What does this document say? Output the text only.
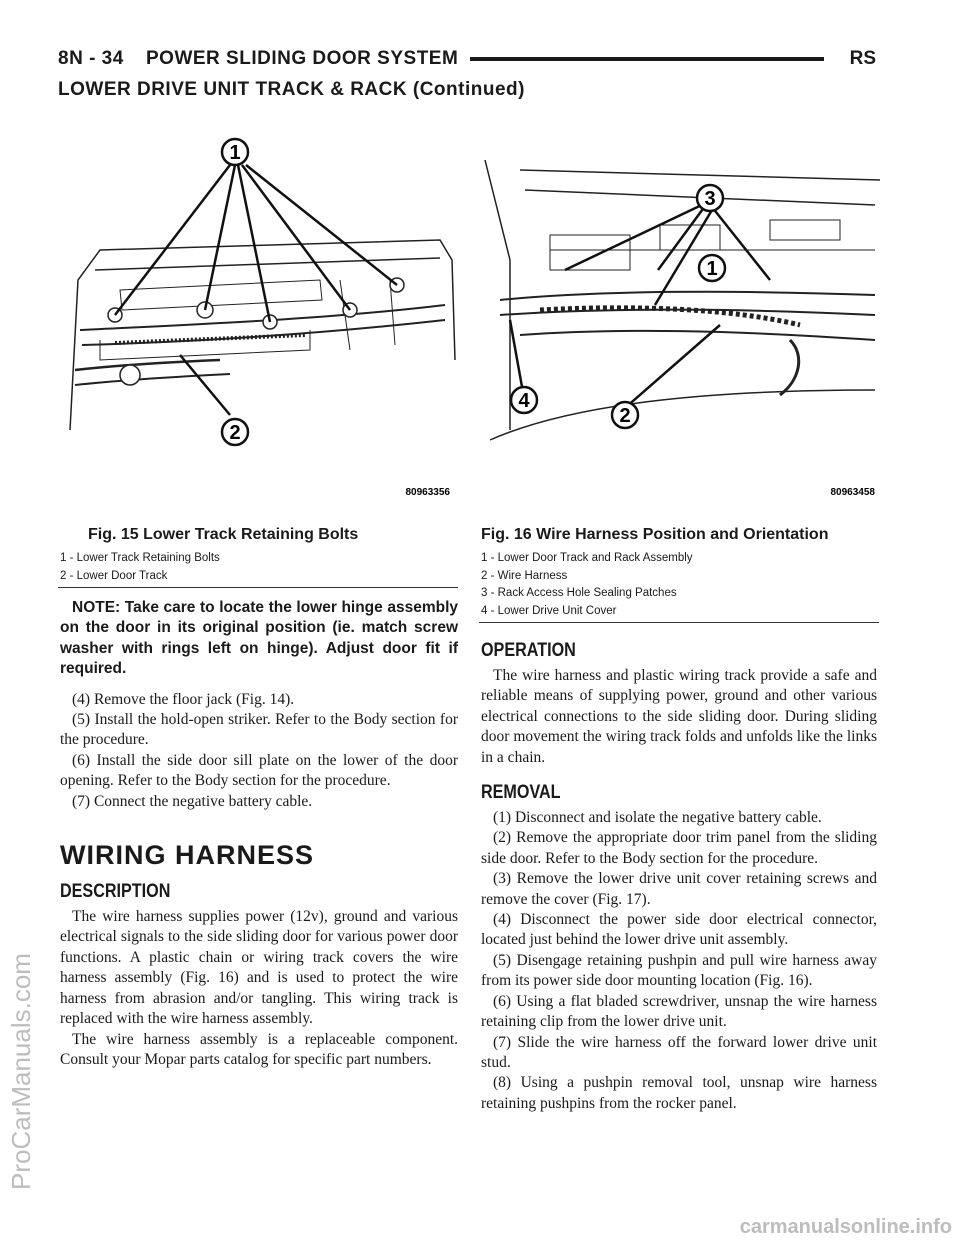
8N - 34 POWER SLIDING DOOR SYSTEM	RS
LOWER DRIVE UNIT TRACK & RACK (Continued)
1
2
80963356
3
1
4
2
80963458
Fig. 15 Lower Track Retaining Bolts
1 - Lower Track Retaining Bolts
2 - Lower Door Track
Fig. 16 Wire Harness Position and Orientation
1 - Lower Door Track and Rack Assembly
2 - Wire Harness
3 - Rack Access Hole Sealing Patches
4 - Lower Drive Unit Cover

NOTE: Take care to locate the lower hinge assembly on the door in its original position (ie. match screw washer with rings left on hinge). Adjust door fit if required.

(4) Remove the floor jack (Fig. 14).

(5) Install the hold-open striker. Refer to the Body section for the procedure.

(6) Install the side door sill plate on the lower of the door opening. Refer to the Body section for the procedure.

(7) Connect the negative battery cable.

WIRING HARNESS
DESCRIPTION

The wire harness supplies power (12v), ground and various electrical signals to the side sliding door for various power door functions. A plastic chain or wiring track covers the wire harness assembly (Fig. 16) and is used to protect the wire harness from abrasion and/or tangling. This wiring track is replaced with the wire harness assembly.

The wire harness assembly is a replaceable component. Consult your Mopar parts catalog for specific part numbers.

OPERATION

The wire harness and plastic wiring track provide a safe and reliable means of supplying power, ground and other various electrical connections to the side sliding door. During sliding door movement the wiring track folds and unfolds like the links in a chain.

REMOVAL

(1) Disconnect and isolate the negative battery cable.

(2) Remove the appropriate door trim panel from the sliding side door. Refer to the Body section for the procedure.

(3) Remove the lower drive unit cover retaining screws and remove the cover (Fig. 17).

(4) Disconnect the power side door electrical connector, located just behind the lower drive unit assembly.

(5) Disengage retaining pushpin and pull wire harness away from its power side door mounting location (Fig. 16).

(6) Using a flat bladed screwdriver, unsnap the wire harness retaining clip from the lower drive unit.

(7) Slide the wire harness off the forward lower drive unit stud.

(8) Using a pushpin removal tool, unsnap wire harness retaining pushpins from the rocker panel.

ProCarManuals.com
carmanualsonline.info
